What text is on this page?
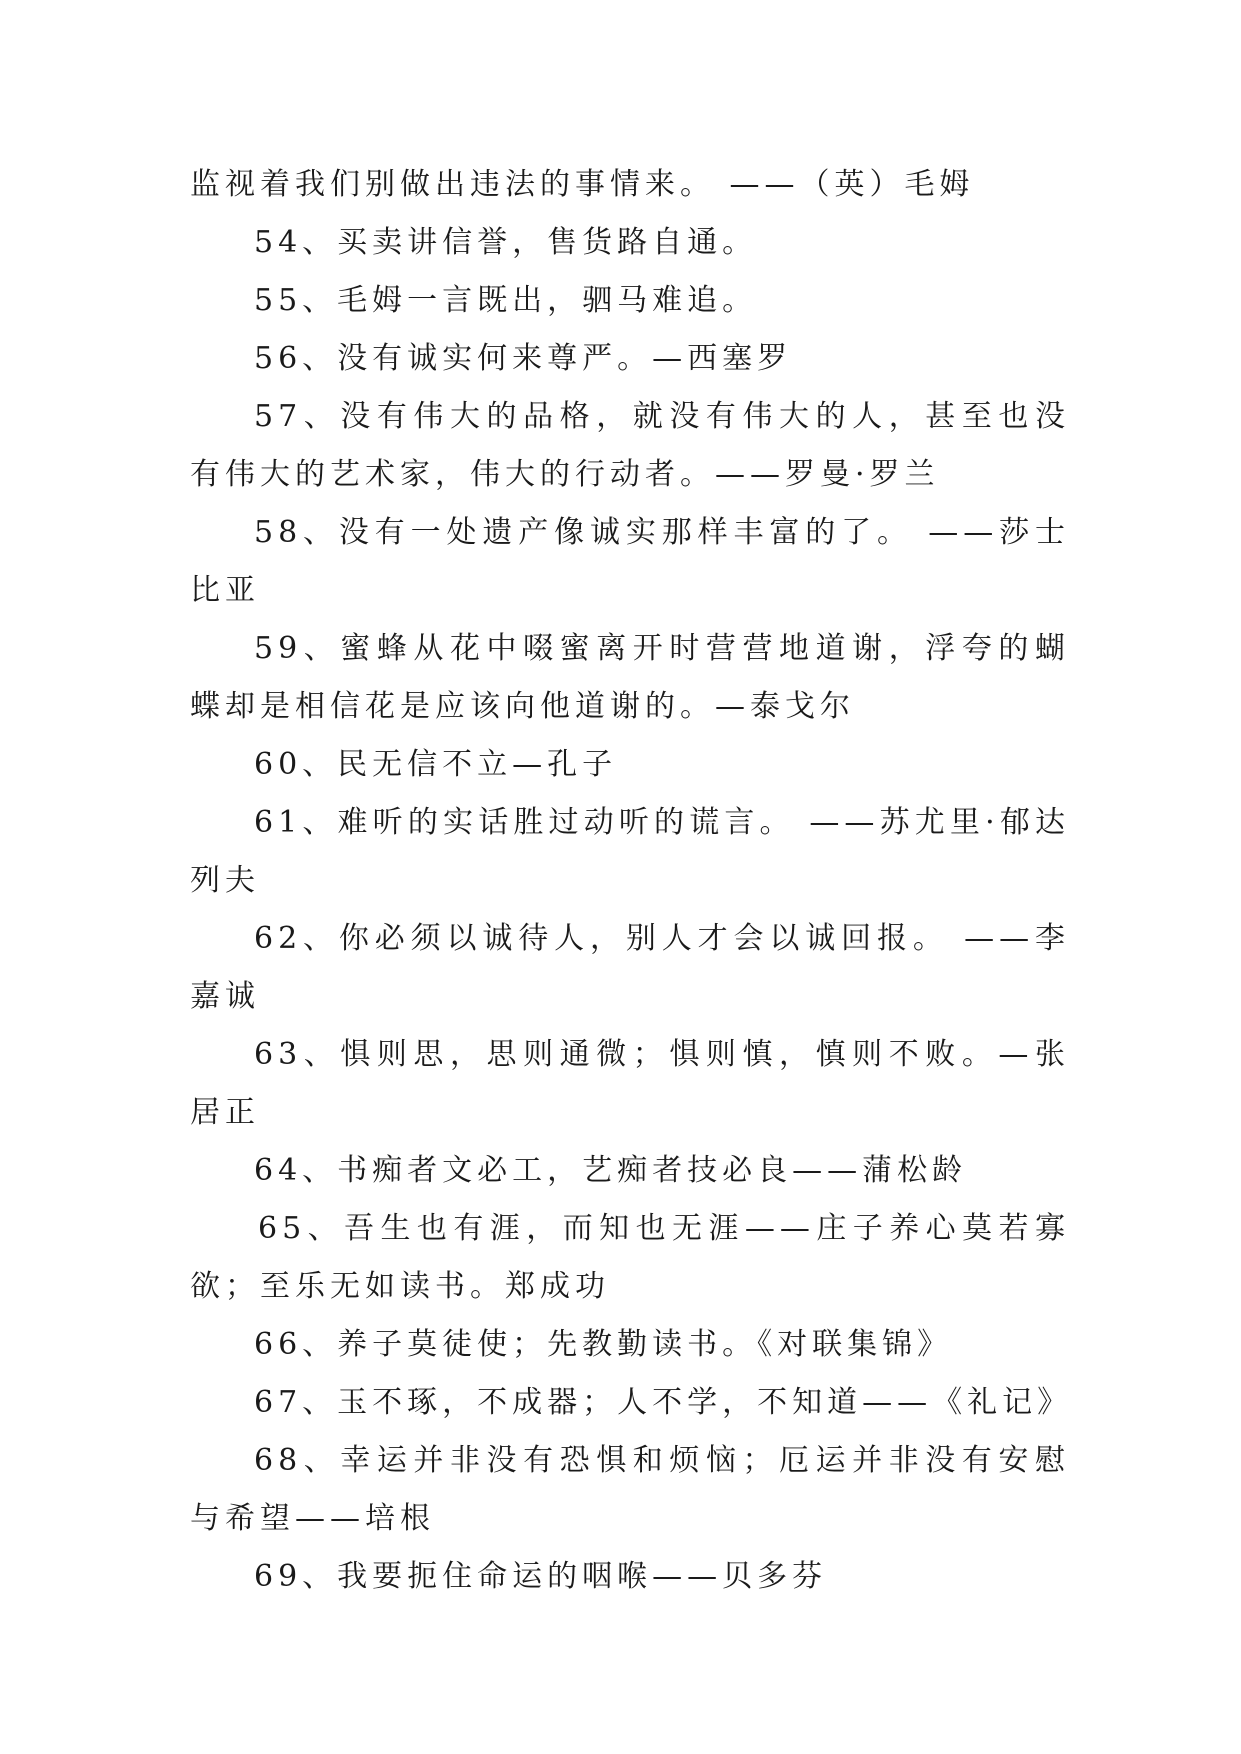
监视着我们别做出违法的事情来。 ——（英）毛姆

54、买卖讲信誉，售货路自通。

55、毛姆一言既出，驷马难追。

56、没有诚实何来尊严。—西塞罗

57、没有伟大的品格，就没有伟大的人，甚至也没有伟大的艺术家，伟大的行动者。——罗曼·罗兰

58、没有一处遗产像诚实那样丰富的了。 ——莎士比亚

59、蜜蜂从花中啜蜜离开时营营地道谢，浮夸的蝴蝶却是相信花是应该向他道谢的。—泰戈尔

60、民无信不立—孔子

61、难听的实话胜过动听的谎言。 ——苏尤里·郁达列夫

62、你必须以诚待人，别人才会以诚回报。 ——李嘉诚

63、惧则思，思则通微；惧则慎，慎则不败。—张居正

64、书痴者文必工，艺痴者技必良——蒲松龄

65、吾生也有涯，而知也无涯——庄子养心莫若寡欲；至乐无如读书。郑成功

66、养子莫徒使；先教勤读书。《对联集锦》

67、玉不琢，不成器；人不学，不知道——《礼记》

68、幸运并非没有恐惧和烦恼；厄运并非没有安慰与希望——培根

69、我要扼住命运的咽喉——贝多芬
